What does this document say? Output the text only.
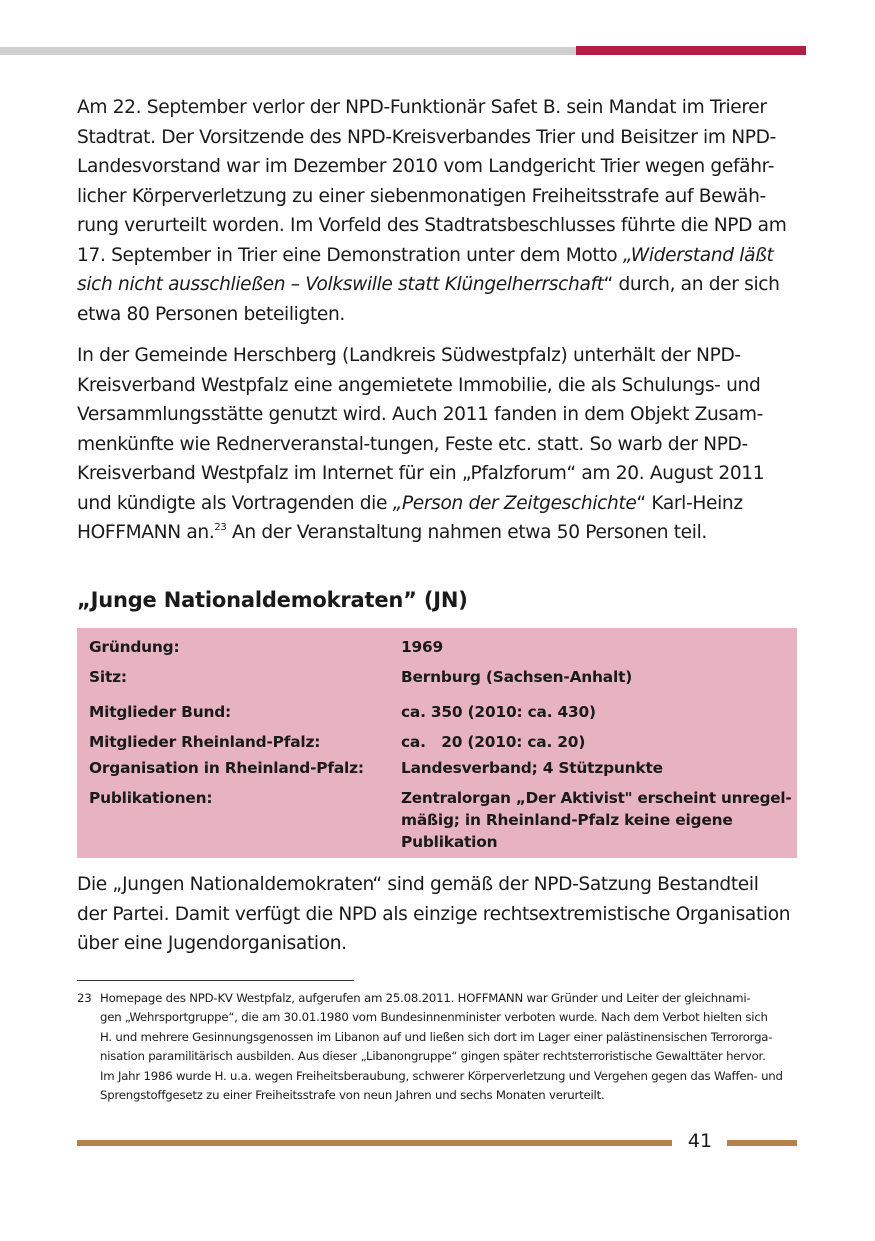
Am 22. September verlor der NPD-Funktionär Safet B. sein Mandat im Trierer
Stadtrat. Der Vorsitzende des NPD-Kreisverbandes Trier und Beisitzer im NPD-
Landesvorstand war im Dezember 2010 vom Landgericht Trier wegen gefähr-
licher Körperverletzung zu einer siebenmonatigen Freiheitsstrafe auf Bewäh-
rung verurteilt worden. Im Vorfeld des Stadtratsbeschlusses führte die NPD am
17. September in Trier eine Demonstration unter dem Motto „Widerstand läßt
sich nicht ausschließen – Volkswille statt Klüngelherrschaft“ durch, an der sich
etwa 80 Personen beteiligten.

In der Gemeinde Herschberg (Landkreis Südwestpfalz) unterhält der NPD-
Kreisverband Westpfalz eine angemietete Immobilie, die als Schulungs- und
Versammlungsstätte genutzt wird. Auch 2011 fanden in dem Objekt Zusam-
menkünfte wie Rednerveranstal-tungen, Feste etc. statt. So warb der NPD-
Kreisverband Westpfalz im Internet für ein „Pfalzforum“ am 20. August 2011
und kündigte als Vortragenden die „Person der Zeitgeschichte“ Karl-Heinz
HOFFMANN an.$^{23}$ An der Veranstaltung nahmen etwa 50 Personen teil.

„Junge Nationaldemokraten” (JN)
Gründung:	1969
Sitz:	Bernburg (Sachsen-Anhalt)
Mitglieder Bund:	ca. 350 (2010: ca. 430)
Mitglieder Rheinland-Pfalz:	ca.   20 (2010: ca. 20)
Organisation in Rheinland-Pfalz: Landesverband; 4 Stützpunkte
Publikationen:	Zentralorgan „Der Aktivist" erscheint unregel-
mäßig; in Rheinland-Pfalz keine eigene
Publikation

Die „Jungen Nationaldemokraten“ sind gemäß der NPD-Satzung Bestandteil
der Partei. Damit verfügt die NPD als einzige rechtsextremistische Organisation
über eine Jugendorganisation.

23 Homepage des NPD-KV Westpfalz, aufgerufen am 25.08.2011. HOFFMANN war Gründer und Leiter der gleichnami-
gen „Wehrsportgruppe“, die am 30.01.1980 vom Bundesinnenminister verboten wurde. Nach dem Verbot hielten sich
H. und mehrere Gesinnungsgenossen im Libanon auf und ließen sich dort im Lager einer palästinensischen Terrororga-
nisation paramilitärisch ausbilden. Aus dieser „Libanongruppe“ gingen später rechtsterroristische Gewalttäter hervor.
Im Jahr 1986 wurde H. u.a. wegen Freiheitsberaubung, schwerer Körperverletzung und Vergehen gegen das Waffen- und
Sprengstoffgesetz zu einer Freiheitsstrafe von neun Jahren und sechs Monaten verurteilt.
41
